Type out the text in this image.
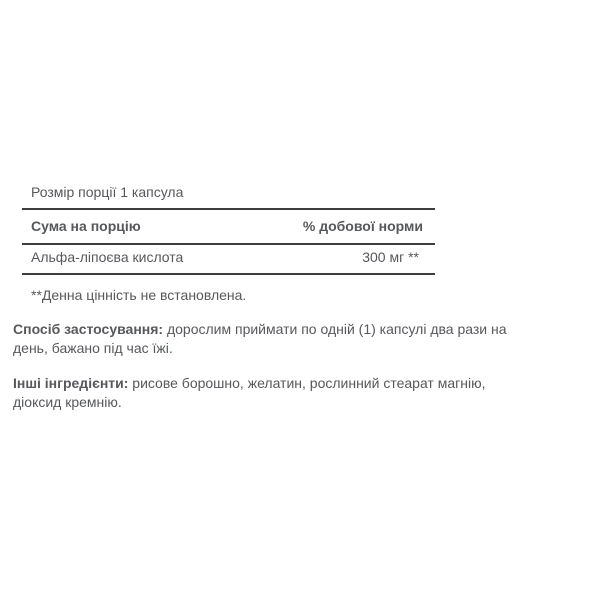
Розмір порції 1 капсула
Сума на порцію	% добової норми
Альфа-ліпоєва кислота	300 мг **
**Денна цінність не встановлена.
Спосіб застосування: дорослим приймати по одній (1) капсулі два рази на день, бажано під час їжі.
Інші інгредієнти: рисове борошно, желатин, рослинний стеарат магнію, діоксид кремнію.
